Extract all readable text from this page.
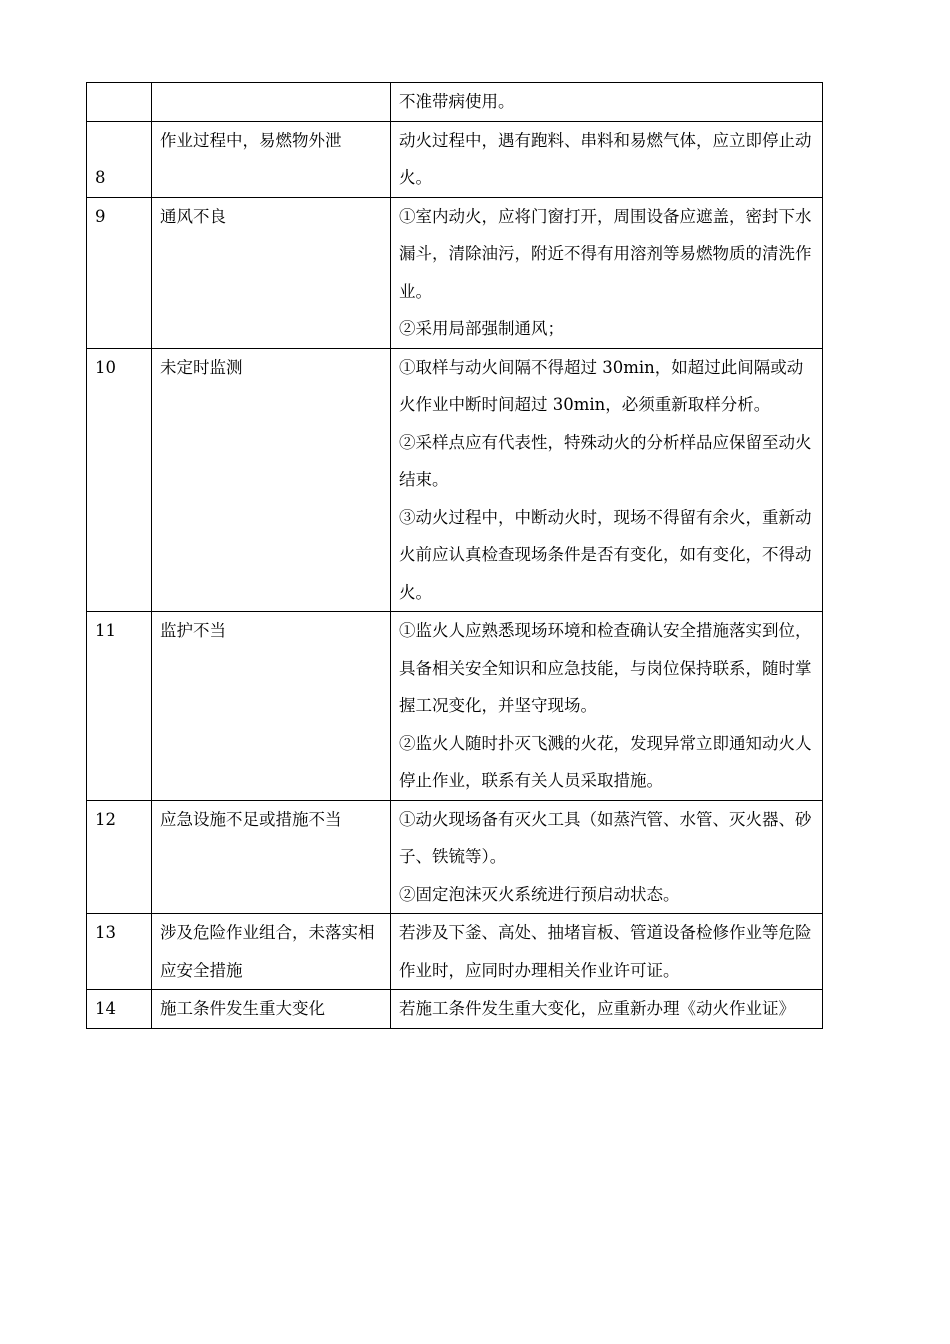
		不准带病使用。

8	作业过程中，易燃物外泄	动火过程中，遇有跑料、串料和易燃气体，应立即停止动火。

9	通风不良	①室内动火，应将门窗打开，周围设备应遮盖，密封下水漏斗，清除油污，附近不得有用溶剂等易燃物质的清洗作业。
②采用局部强制通风；

10	未定时监测	①取样与动火间隔不得超过 30min，如超过此间隔或动火作业中断时间超过 30min，必须重新取样分析。
②采样点应有代表性，特殊动火的分析样品应保留至动火结束。
③动火过程中，中断动火时，现场不得留有余火，重新动火前应认真检查现场条件是否有变化，如有变化，不得动火。

11	监护不当	①监火人应熟悉现场环境和检查确认安全措施落实到位，具备相关安全知识和应急技能，与岗位保持联系，随时掌握工况变化，并坚守现场。
②监火人随时扑灭飞溅的火花，发现异常立即通知动火人停止作业，联系有关人员采取措施。

12	应急设施不足或措施不当	①动火现场备有灭火工具（如蒸汽管、水管、灭火器、砂子、铁锍等）。
②固定泡沫灭火系统进行预启动状态。

13	涉及危险作业组合，未落实相应安全措施	若涉及下釜、高处、抽堵盲板、管道设备检修作业等危险作业时，应同时办理相关作业许可证。

14	施工条件发生重大变化	若施工条件发生重大变化，应重新办理《动火作业证》
